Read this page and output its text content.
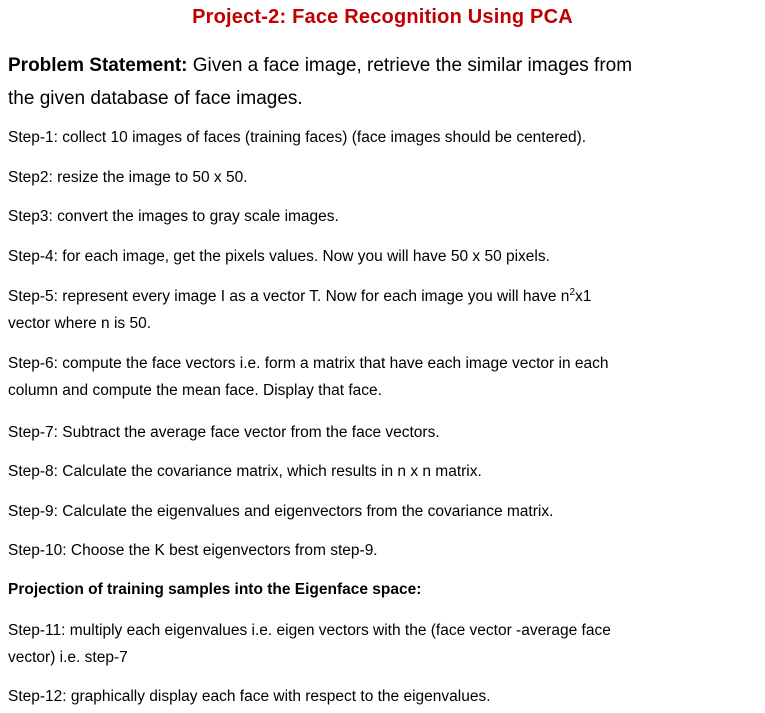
Project-2: Face Recognition Using PCA
Problem Statement: Given a face image, retrieve the similar images from
the given database of face images.
Step-1: collect 10 images of faces (training faces) (face images should be centered).
Step2: resize the image to 50 x 50.
Step3: convert the images to gray scale images.
Step-4: for each image, get the pixels values. Now you will have 50 x 50 pixels.
Step-5: represent every image I as a vector T. Now for each image you will have $n^2x1$
vector where n is 50.
Step-6: compute the face vectors i.e. form a matrix that have each image vector in each
column and compute the mean face. Display that face.
Step-7: Subtract the average face vector from the face vectors.
Step-8: Calculate the covariance matrix, which results in n x n matrix.
Step-9: Calculate the eigenvalues and eigenvectors from the covariance matrix.
Step-10: Choose the K best eigenvectors from step-9.
Projection of training samples into the Eigenface space:
Step-11: multiply each eigenvalues i.e. eigen vectors with the (face vector -average face
vector) i.e. step-7
Step-12: graphically display each face with respect to the eigenvalues.
